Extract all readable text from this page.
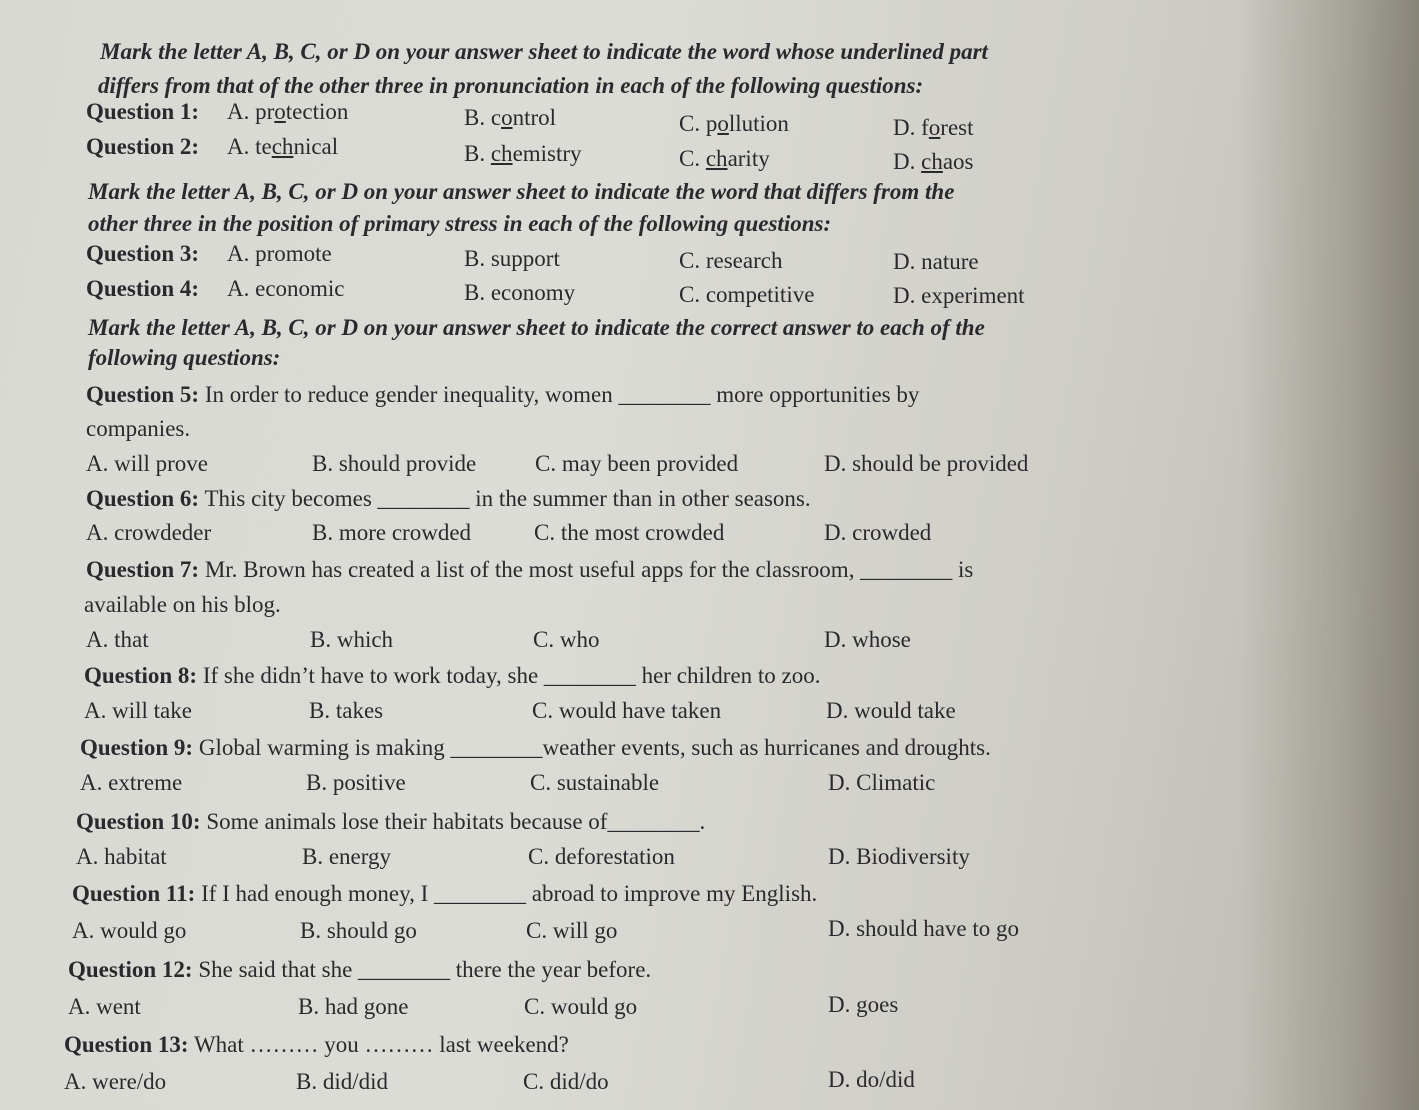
Mark the letter A, B, C, or D on your answer sheet to indicate the word whose underlined part
differs from that of the other three in pronunciation in each of the following questions:
Question 1: A. protection	B. control	C. pollution	D. forest
Question 2: A. technical	B. chemistry	C. charity	D. chaos
Mark the letter A, B, C, or D on your answer sheet to indicate the word that differs from the
other three in the position of primary stress in each of the following questions:
Question 3: A. promote	B. support	C. research	D. nature
Question 4: A. economic	B. economy	C. competitive	D. experiment
Mark the letter A, B, C, or D on your answer sheet to indicate the correct answer to each of the
following questions:
Question 5: In order to reduce gender inequality, women ________ more opportunities by
companies.
A. will prove	B. should provide	C. may been provided	D. should be provided
Question 6: This city becomes ________ in the summer than in other seasons.
A. crowdeder	B. more crowded	C. the most crowded	D. crowded
Question 7: Mr. Brown has created a list of the most useful apps for the classroom, ________ is
available on his blog.
A. that	B. which	C. who	D. whose
Question 8: If she didn’t have to work today, she ________ her children to zoo.
A. will take	B. takes	C. would have taken	D. would take
Question 9: Global warming is making ________weather events, such as hurricanes and droughts.
A. extreme	B. positive	C. sustainable	D. Climatic
Question 10: Some animals lose their habitats because of________.
A. habitat	B. energy	C. deforestation	D. Biodiversity
Question 11: If I had enough money, I ________ abroad to improve my English.
A. would go	B. should go	C. will go	D. should have to go
Question 12: She said that she ________ there the year before.
A. went	B. had gone	C. would go	D. goes
Question 13: What ……… you ……… last weekend?
A. were/do	B. did/did	C. did/do	D. do/did
